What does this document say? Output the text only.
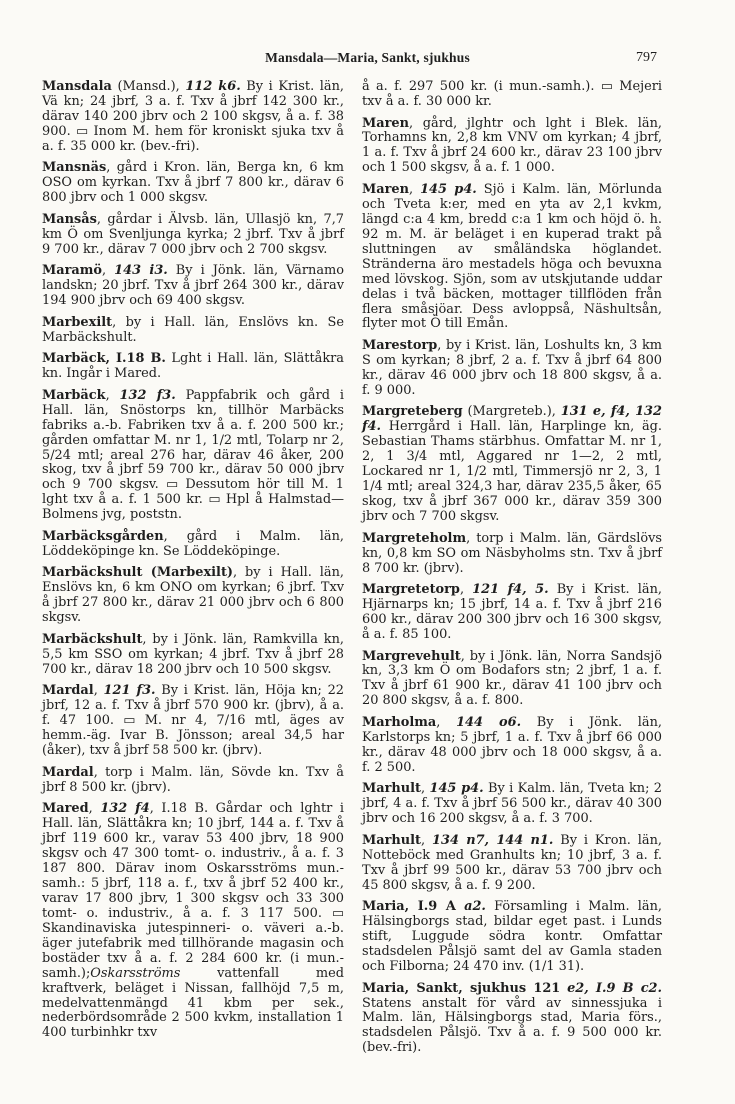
Mansdala—Maria, Sankt, sjukhus	797

Mansdala (Mansd.), 112 k6. By i Krist. län, Vä kn; 24 jbrf, 3 a. f. Txv å jbrf 142 300 kr., därav 140 200 jbrv och 2 100 skgsv, å a. f. 38 900. ▭ Inom M. hem för kroniskt sjuka txv å a. f. 35 000 kr. (bev.-fri).

Mansnäs, gård i Kron. län, Berga kn, 6 km OSO om kyrkan. Txv å jbrf 7 800 kr., därav 6 800 jbrv och 1 000 skgsv.

Mansås, gårdar i Älvsb. län, Ullasjö kn, 7,7 km Ö om Svenljunga kyrka; 2 jbrf. Txv å jbrf 9 700 kr., därav 7 000 jbrv och 2 700 skgsv.

Maramö, 143 i3. By i Jönk. län, Värnamo landskn; 20 jbrf. Txv å jbrf 264 300 kr., därav 194 900 jbrv och 69 400 skgsv.

Marbexilt, by i Hall. län, Enslövs kn. Se Marbäckshult.

Marbäck, I.18 B. Lght i Hall. län, Slättåkra kn. Ingår i Mared.

Marbäck, 132 f3. Pappfabrik och gård i Hall. län, Snöstorps kn, tillhör Marbäcks fabriks a.-b. Fabriken txv å a. f. 200 500 kr.; gården omfattar M. nr 1, 1/2 mtl, Tolarp nr 2, 5/24 mtl; areal 276 har, därav 46 åker, 200 skog, txv å jbrf 59 700 kr., därav 50 000 jbrv och 9 700 skgsv. ▭ Dessutom hör till M. 1 lght txv å a. f. 1 500 kr. ▭ Hpl å Halmstad—Bolmens jvg, poststn.

Marbäcksgården, gård i Malm. län, Löddeköpinge kn. Se Löddeköpinge.

Marbäckshult (Marbexilt), by i Hall. län, Enslövs kn, 6 km ONO om kyrkan; 6 jbrf. Txv å jbrf 27 800 kr., därav 21 000 jbrv och 6 800 skgsv.

Marbäckshult, by i Jönk. län, Ramkvilla kn, 5,5 km SSO om kyrkan; 4 jbrf. Txv å jbrf 28 700 kr., därav 18 200 jbrv och 10 500 skgsv.

Mardal, 121 f3. By i Krist. län, Höja kn; 22 jbrf, 12 a. f. Txv å jbrf 570 900 kr. (jbrv), å a. f. 47 100. ▭ M. nr 4, 7/16 mtl, äges av hemm.-äg. Ivar B. Jönsson; areal 34,5 har (åker), txv å jbrf 58 500 kr. (jbrv).

Mardal, torp i Malm. län, Sövde kn. Txv å jbrf 8 500 kr. (jbrv).

Mared, 132 f4, I.18 B. Gårdar och lghtr i Hall. län, Slättåkra kn; 10 jbrf, 144 a. f. Txv å jbrf 119 600 kr., varav 53 400 jbrv, 18 900 skgsv och 47 300 tomt- o. industriv., å a. f. 3 187 800. Därav inom Oskarsströms mun.-samh.: 5 jbrf, 118 a. f., txv å jbrf 52 400 kr., varav 17 800 jbrv, 1 300 skgsv och 33 300 tomt- o. industriv., å a. f. 3 117 500. ▭ Skandinaviska jutespinneri- o. väveri a.-b. äger jutefabrik med tillhörande magasin och bostäder txv å a. f. 2 284 600 kr. (i mun.-samh.);Oskarsströms vattenfall med kraftverk, beläget i Nissan, fallhöjd 7,5 m, medelvattenmängd 41 kbm per sek., nederbördsområde 2 500 kvkm, installation 1 400 turbinhkr txv

å a. f. 297 500 kr. (i mun.-samh.). ▭ Mejeri txv å a. f. 30 000 kr.

Maren, gård, jlghtr och lght i Blek. län, Torhamns kn, 2,8 km VNV om kyrkan; 4 jbrf, 1 a. f. Txv å jbrf 24 600 kr., därav 23 100 jbrv och 1 500 skgsv, å a. f. 1 000.

Maren, 145 p4. Sjö i Kalm. län, Mörlunda och Tveta k:er, med en yta av 2,1 kvkm, längd c:a 4 km, bredd c:a 1 km och höjd ö. h. 92 m. M. är beläget i en kuperad trakt på sluttningen av småländska höglandet. Stränderna äro mestadels höga och bevuxna med lövskog. Sjön, som av utskjutande uddar delas i två bäcken, mottager tillflöden från flera småsjöar. Dess avloppså, Näshultsån, flyter mot Ö till Emån.

Marestorp, by i Krist. län, Loshults kn, 3 km S om kyrkan; 8 jbrf, 2 a. f. Txv å jbrf 64 800 kr., därav 46 000 jbrv och 18 800 skgsv, å a. f. 9 000.

Margreteberg (Margreteb.), 131 e, f4, 132 f4. Herrgård i Hall. län, Harplinge kn, äg. Sebastian Thams stärbhus. Omfattar M. nr 1, 2, 1 3/4 mtl, Aggared nr 1—2, 2 mtl, Lockared nr 1, 1/2 mtl, Timmersjö nr 2, 3, 1 1/4 mtl; areal 324,3 har, därav 235,5 åker, 65 skog, txv å jbrf 367 000 kr., därav 359 300 jbrv och 7 700 skgsv.

Margreteholm, torp i Malm. län, Gärdslövs kn, 0,8 km SO om Näsbyholms stn. Txv å jbrf 8 700 kr. (jbrv).

Margretetorp, 121 f4, 5. By i Krist. län, Hjärnarps kn; 15 jbrf, 14 a. f. Txv å jbrf 216 600 kr., därav 200 300 jbrv och 16 300 skgsv, å a. f. 85 100.

Margrevehult, by i Jönk. län, Norra Sandsjö kn, 3,3 km Ö om Bodafors stn; 2 jbrf, 1 a. f. Txv å jbrf 61 900 kr., därav 41 100 jbrv och 20 800 skgsv, å a. f. 800.

Marholma, 144 o6. By i Jönk. län, Karlstorps kn; 5 jbrf, 1 a. f. Txv å jbrf 66 000 kr., därav 48 000 jbrv och 18 000 skgsv, å a. f. 2 500.

Marhult, 145 p4. By i Kalm. län, Tveta kn; 2 jbrf, 4 a. f. Txv å jbrf 56 500 kr., därav 40 300 jbrv och 16 200 skgsv, å a. f. 3 700.

Marhult, 134 n7, 144 n1. By i Kron. län, Notteböck med Granhults kn; 10 jbrf, 3 a. f. Txv å jbrf 99 500 kr., därav 53 700 jbrv och 45 800 skgsv, å a. f. 9 200.

Maria, I.9 A a2. Församling i Malm. län, Hälsingborgs stad, bildar eget past. i Lunds stift, Luggude södra kontr. Omfattar stadsdelen Pålsjö samt del av Gamla staden och Filborna; 24 470 inv. (1/1 31).

Maria, Sankt, sjukhus 121 e2, I.9 B c2. Statens anstalt för vård av sinnessjuka i Malm. län, Hälsingborgs stad, Maria förs., stadsdelen Pålsjö. Txv å a. f. 9 500 000 kr. (bev.-fri).
